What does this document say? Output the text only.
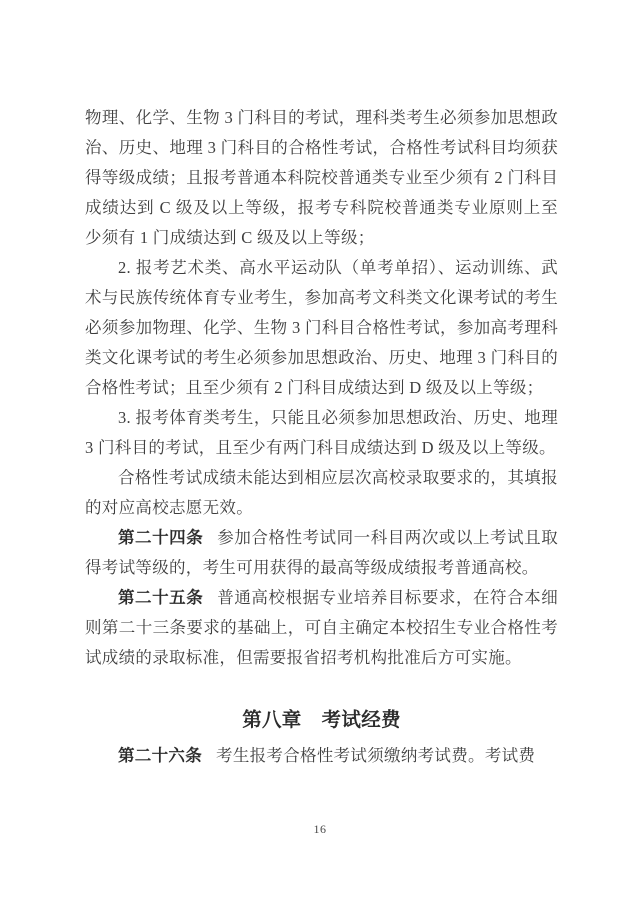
物理、化学、生物 3 门科目的考试，理科类考生必须参加思想政治、历史、地理 3 门科目的合格性考试，合格性考试科目均须获得等级成绩；且报考普通本科院校普通类专业至少须有 2 门科目成绩达到 C 级及以上等级，报考专科院校普通类专业原则上至少须有 1 门成绩达到 C 级及以上等级；

2. 报考艺术类、高水平运动队（单考单招）、运动训练、武术与民族传统体育专业考生，参加高考文科类文化课考试的考生必须参加物理、化学、生物 3 门科目合格性考试，参加高考理科类文化课考试的考生必须参加思想政治、历史、地理 3 门科目的合格性考试；且至少须有 2 门科目成绩达到 D 级及以上等级；

3. 报考体育类考生，只能且必须参加思想政治、历史、地理 3 门科目的考试，且至少有两门科目成绩达到 D 级及以上等级。

合格性考试成绩未能达到相应层次高校录取要求的，其填报的对应高校志愿无效。

第二十四条 参加合格性考试同一科目两次或以上考试且取得考试等级的，考生可用获得的最高等级成绩报考普通高校。

第二十五条 普通高校根据专业培养目标要求，在符合本细则第二十三条要求的基础上，可自主确定本校招生专业合格性考试成绩的录取标准，但需要报省招考机构批准后方可实施。

第八章 考试经费

第二十六条 考生报考合格性考试须缴纳考试费。考试费

16
